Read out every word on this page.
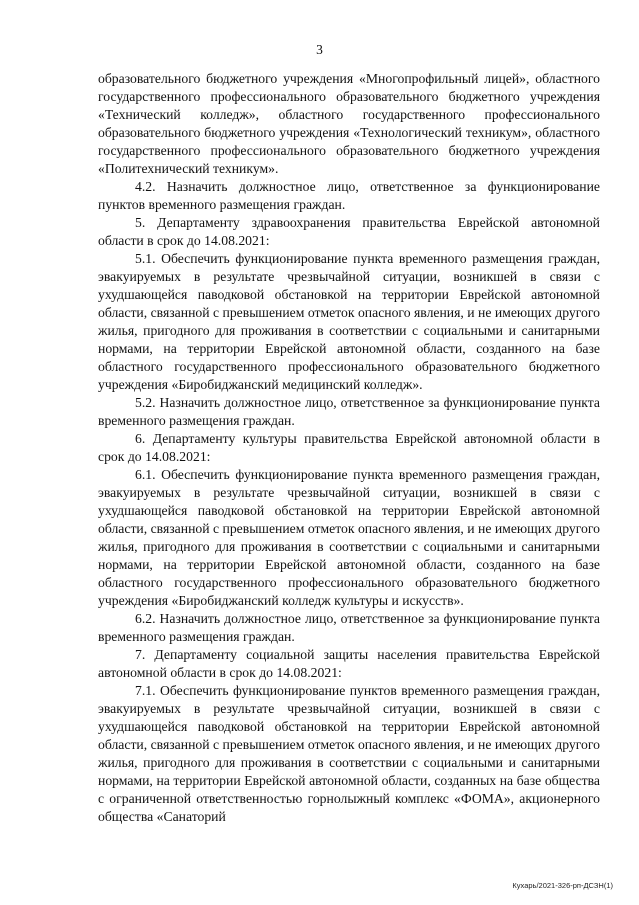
3

образовательного бюджетного учреждения «Многопрофильный лицей», областного государственного профессионального образовательного бюджетного учреждения «Технический колледж», областного государственного профессионального образовательного бюджетного учреждения «Технологический техникум», областного государственного профессионального образовательного бюджетного учреждения «Политехнический техникум».

4.2. Назначить должностное лицо, ответственное за функционирование пунктов временного размещения граждан.

5. Департаменту здравоохранения правительства Еврейской автономной области в срок до 14.08.2021:

5.1. Обеспечить функционирование пункта временного размещения граждан, эвакуируемых в результате чрезвычайной ситуации, возникшей в связи с ухудшающейся паводковой обстановкой на территории Еврейской автономной области, связанной с превышением отметок опасного явления, и не имеющих другого жилья, пригодного для проживания в соответствии с социальными и санитарными нормами, на территории Еврейской автономной области, созданного на базе областного государственного профессионального образовательного бюджетного учреждения «Биробиджанский медицинский колледж».

5.2. Назначить должностное лицо, ответственное за функционирование пункта временного размещения граждан.

6. Департаменту культуры правительства Еврейской автономной области в срок до 14.08.2021:

6.1. Обеспечить функционирование пункта временного размещения граждан, эвакуируемых в результате чрезвычайной ситуации, возникшей в связи с ухудшающейся паводковой обстановкой на территории Еврейской автономной области, связанной с превышением отметок опасного явления, и не имеющих другого жилья, пригодного для проживания в соответствии с социальными и санитарными нормами, на территории Еврейской автономной области, созданного на базе областного государственного профессионального образовательного бюджетного учреждения «Биробиджанский колледж культуры и искусств».

6.2. Назначить должностное лицо, ответственное за функционирование пункта временного размещения граждан.

7. Департаменту социальной защиты населения правительства Еврейской автономной области в срок до 14.08.2021:

7.1. Обеспечить функционирование пунктов временного размещения граждан, эвакуируемых в результате чрезвычайной ситуации, возникшей в связи с ухудшающейся паводковой обстановкой на территории Еврейской автономной области, связанной с превышением отметок опасного явления, и не имеющих другого жилья, пригодного для проживания в соответствии с социальными и санитарными нормами, на территории Еврейской автономной области, созданных на базе общества с ограниченной ответственностью горнолыжный комплекс «ФОМА», акционерного общества «Санаторий

Кухарь/2021-326-рп-ДСЗН(1)
